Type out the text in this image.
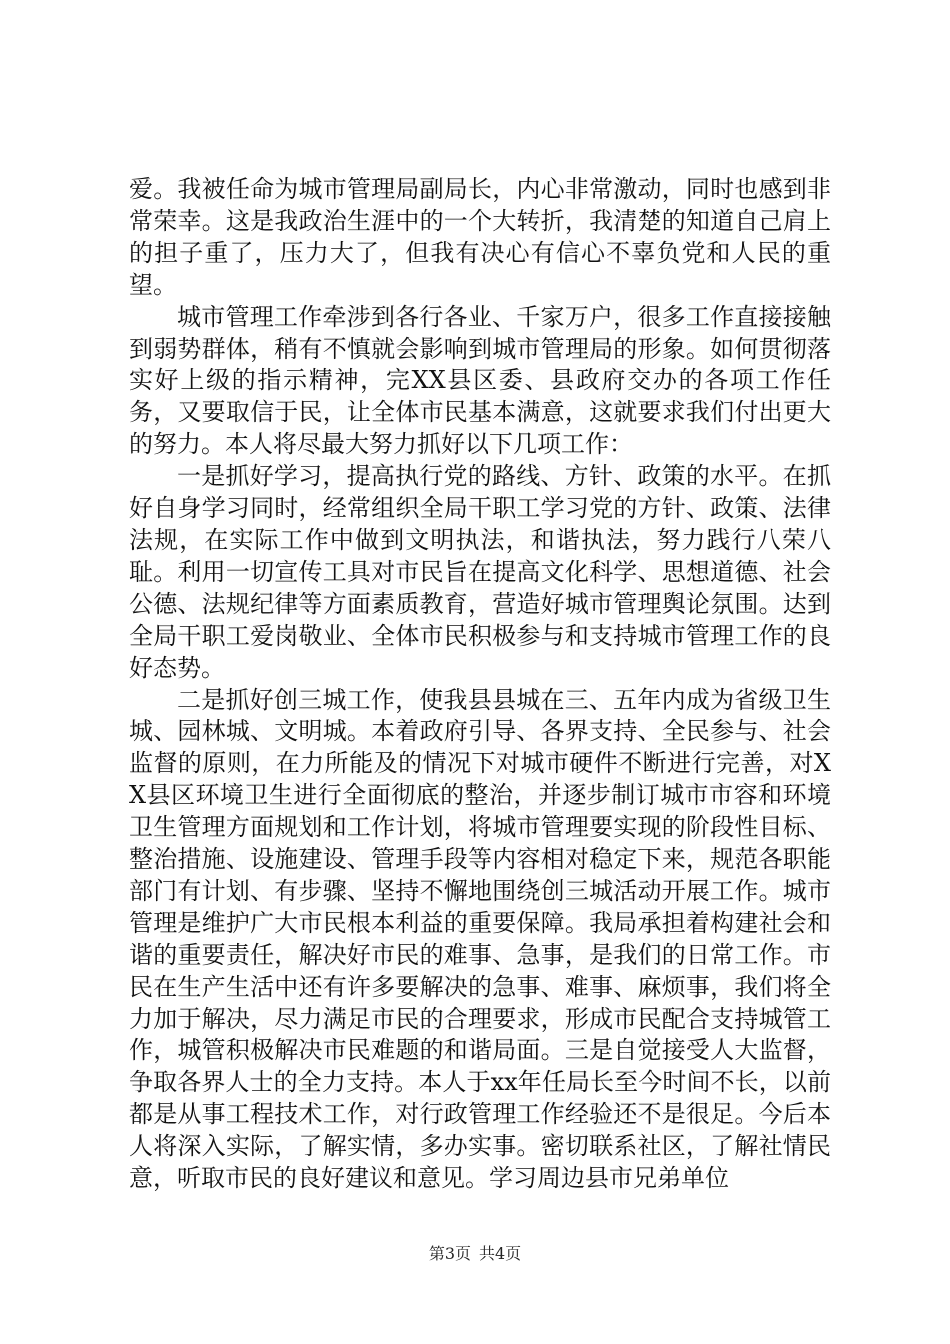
爱。我被任命为城市管理局副局长，内心非常激动，同时也感到非常荣幸。这是我政治生涯中的一个大转折，我清楚的知道自己肩上的担子重了，压力大了，但我有决心有信心不辜负党和人民的重望。

城市管理工作牵涉到各行各业、千家万户，很多工作直接接触到弱势群体，稍有不慎就会影响到城市管理局的形象。如何贯彻落实好上级的指示精神，完XX县区委、县政府交办的各项工作任务，又要取信于民，让全体市民基本满意，这就要求我们付出更大的努力。本人将尽最大努力抓好以下几项工作：

一是抓好学习，提高执行党的路线、方针、政策的水平。在抓好自身学习同时，经常组织全局干职工学习党的方针、政策、法律法规，在实际工作中做到文明执法，和谐执法，努力践行八荣八耻。利用一切宣传工具对市民旨在提高文化科学、思想道德、社会公德、法规纪律等方面素质教育，营造好城市管理舆论氛围。达到全局干职工爱岗敬业、全体市民积极参与和支持城市管理工作的良好态势。

二是抓好创三城工作，使我县县城在三、五年内成为省级卫生城、园林城、文明城。本着政府引导、各界支持、全民参与、社会监督的原则，在力所能及的情况下对城市硬件不断进行完善，对XX县区环境卫生进行全面彻底的整治，并逐步制订城市市容和环境卫生管理方面规划和工作计划，将城市管理要实现的阶段性目标、整治措施、设施建设、管理手段等内容相对稳定下来，规范各职能部门有计划、有步骤、坚持不懈地围绕创三城活动开展工作。城市管理是维护广大市民根本利益的重要保障。我局承担着构建社会和谐的重要责任，解决好市民的难事、急事，是我们的日常工作。市民在生产生活中还有许多要解决的急事、难事、麻烦事，我们将全力加于解决，尽力满足市民的合理要求，形成市民配合支持城管工作，城管积极解决市民难题的和谐局面。三是自觉接受人大监督，争取各界人士的全力支持。本人于xx年任局长至今时间不长，以前都是从事工程技术工作，对行政管理工作经验还不是很足。今后本人将深入实际，了解实情，多办实事。密切联系社区，了解社情民意，听取市民的良好建议和意见。学习周边县市兄弟单位

第3页 共4页
